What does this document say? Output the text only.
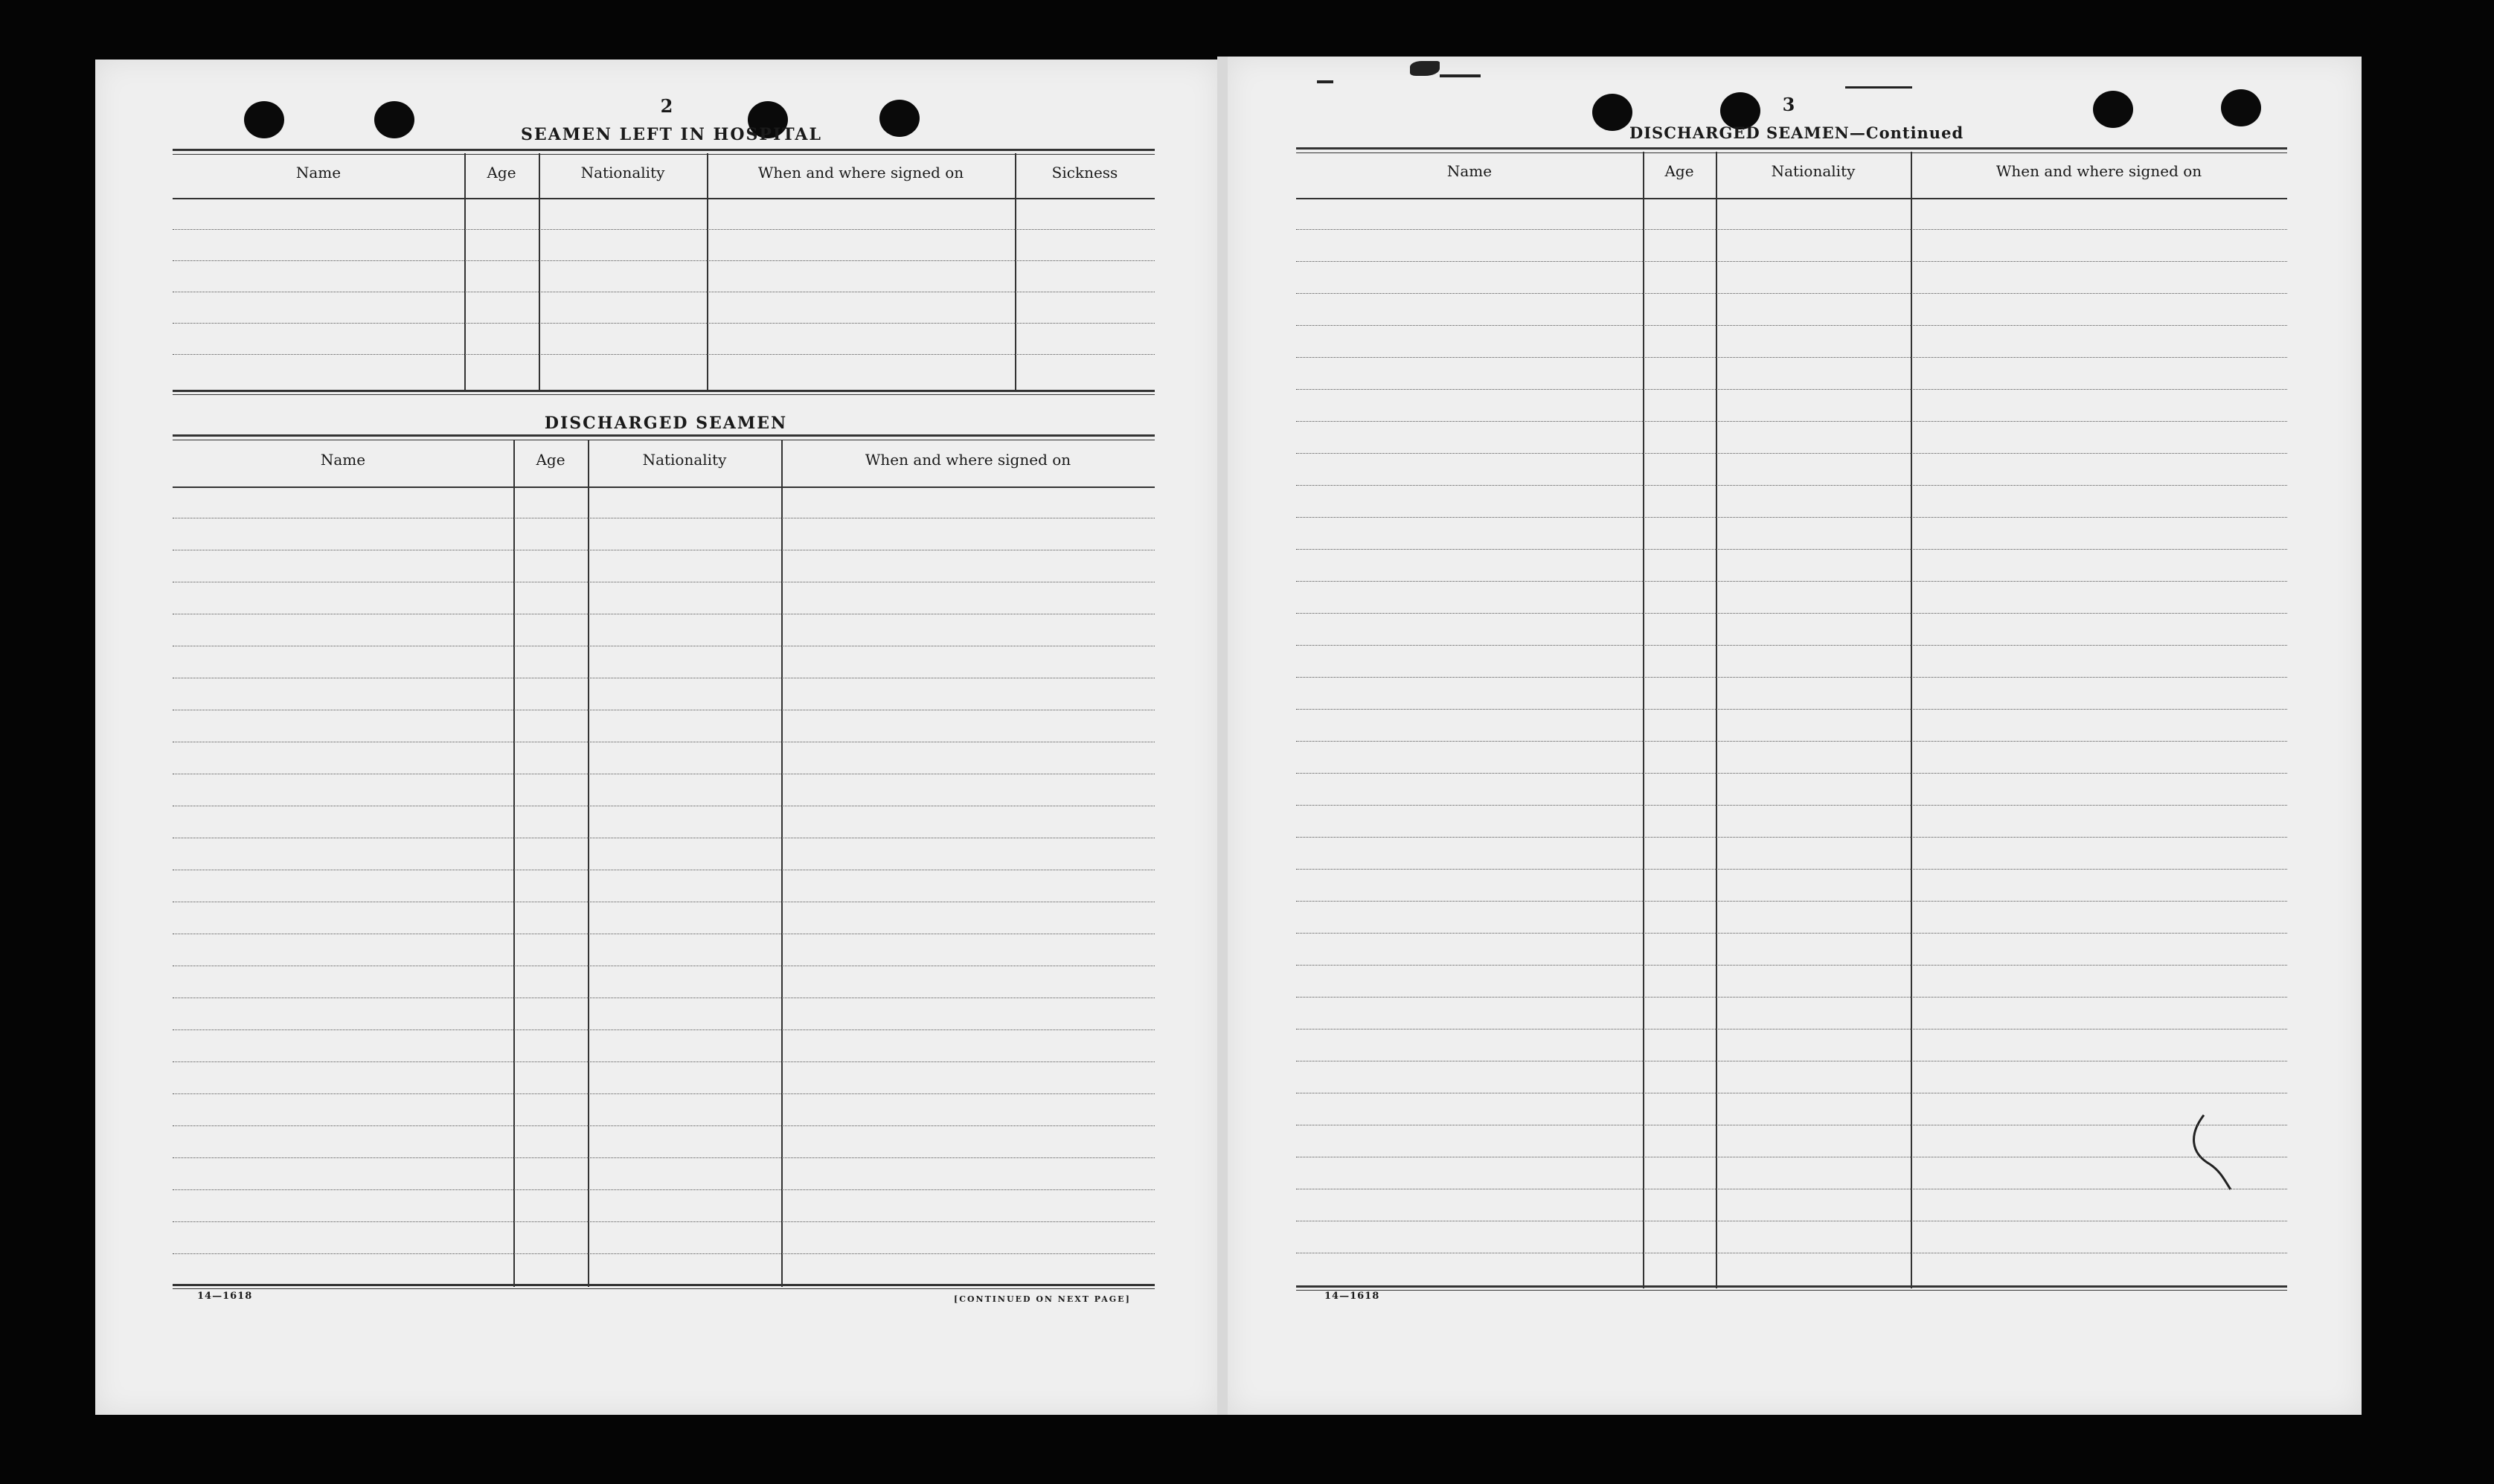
2
SEAMEN LEFT IN HOSPITAL
Name	Age	Nationality	When and where signed on	Sickness
DISCHARGED SEAMEN
Name	Age	Nationality	When and where signed on
14—1618	[CONTINUED ON NEXT PAGE]
3
DISCHARGED SEAMEN—Continued
Name	Age	Nationality	When and where signed on
14—1618
